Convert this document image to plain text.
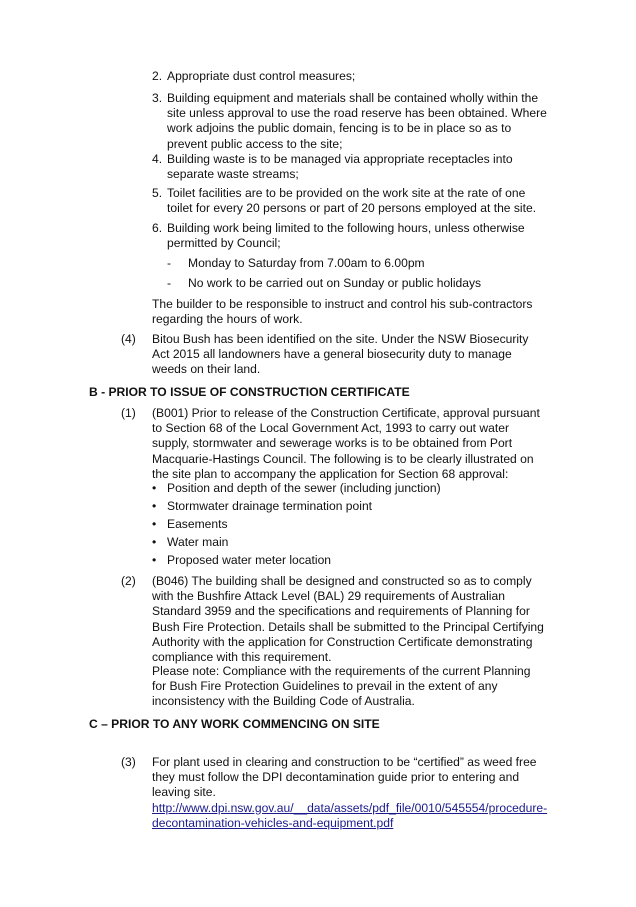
2. Appropriate dust control measures;
3. Building equipment and materials shall be contained wholly within the site unless approval to use the road reserve has been obtained. Where work adjoins the public domain, fencing is to be in place so as to prevent public access to the site;
4. Building waste is to be managed via appropriate receptacles into separate waste streams;
5. Toilet facilities are to be provided on the work site at the rate of one toilet for every 20 persons or part of 20 persons employed at the site.
6. Building work being limited to the following hours, unless otherwise permitted by Council;
- Monday to Saturday from 7.00am to 6.00pm
- No work to be carried out on Sunday or public holidays
The builder to be responsible to instruct and control his sub-contractors regarding the hours of work.
(4) Bitou Bush has been identified on the site. Under the NSW Biosecurity Act 2015 all landowners have a general biosecurity duty to manage weeds on their land.
B - PRIOR TO ISSUE OF CONSTRUCTION CERTIFICATE
(1) (B001) Prior to release of the Construction Certificate, approval pursuant to Section 68 of the Local Government Act, 1993 to carry out water supply, stormwater and sewerage works is to be obtained from Port Macquarie-Hastings Council. The following is to be clearly illustrated on the site plan to accompany the application for Section 68 approval:
• Position and depth of the sewer (including junction)
• Stormwater drainage termination point
• Easements
• Water main
• Proposed water meter location
(2) (B046) The building shall be designed and constructed so as to comply with the Bushfire Attack Level (BAL) 29 requirements of Australian Standard 3959 and the specifications and requirements of Planning for Bush Fire Protection. Details shall be submitted to the Principal Certifying Authority with the application for Construction Certificate demonstrating compliance with this requirement.
Please note: Compliance with the requirements of the current Planning for Bush Fire Protection Guidelines to prevail in the extent of any inconsistency with the Building Code of Australia.
C – PRIOR TO ANY WORK COMMENCING ON SITE
(3) For plant used in clearing and construction to be “certified” as weed free they must follow the DPI decontamination guide prior to entering and leaving site.
http://www.dpi.nsw.gov.au/__data/assets/pdf_file/0010/545554/procedure-decontamination-vehicles-and-equipment.pdf
